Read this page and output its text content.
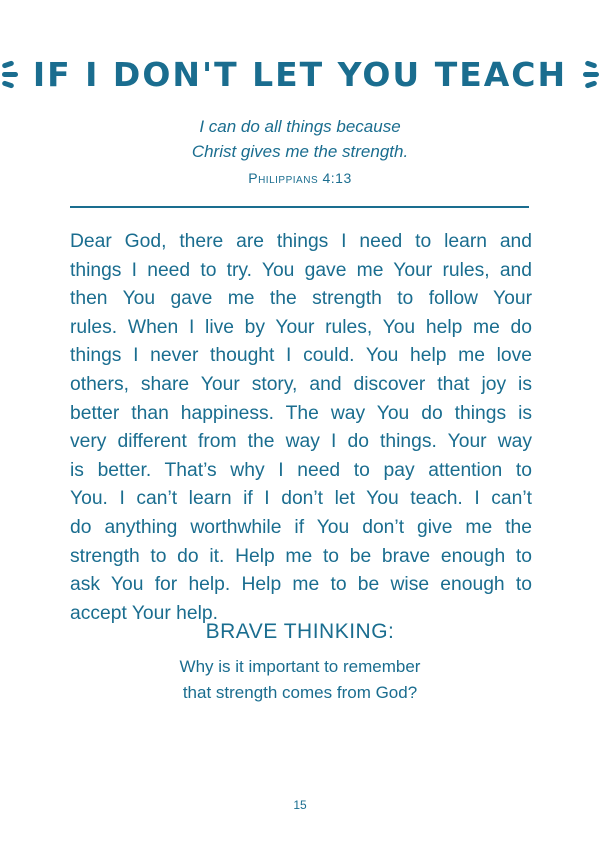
IF I DON'T LET YOU TEACH
I can do all things because
Christ gives me the strength.
Philippians 4:13
Dear God, there are things I need to learn and
things I need to try. You gave me Your rules, and
then You gave me the strength to follow Your
rules. When I live by Your rules, You help me do
things I never thought I could. You help me love
others, share Your story, and discover that joy is
better than happiness. The way You do things is
very different from the way I do things. Your way
is better. That’s why I need to pay attention to
You. I can’t learn if I don’t let You teach. I can’t
do anything worthwhile if You don’t give me the
strength to do it. Help me to be brave enough to
ask You for help. Help me to be wise enough to
accept Your help.
BRAVE THINKING:
Why is it important to remember
that strength comes from God?
15
